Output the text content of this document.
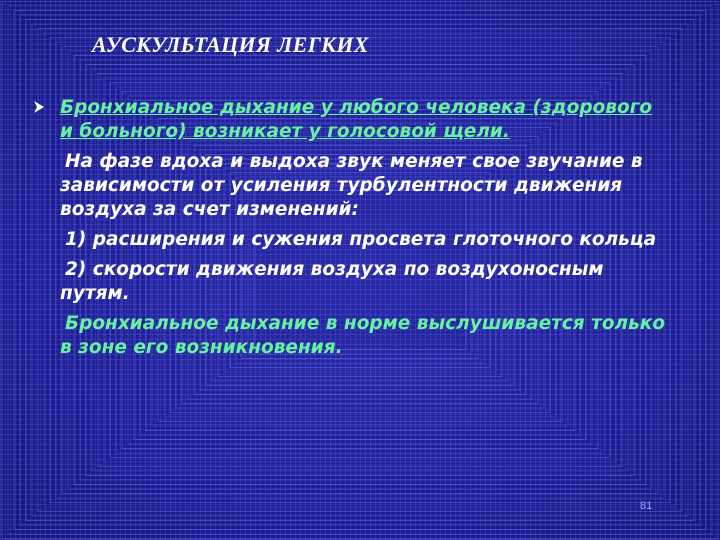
АУСКУЛЬТАЦИЯ ЛЕГКИХ
Бронхиальное дыхание у любого человека (здорового и больного) возникает у голосовой щели.
На фазе вдоха и выдоха звук меняет свое звучание в зависимости от усиления турбулентности движения воздуха за счет изменений:
1) расширения и сужения просвета глоточного кольца
2) скорости движения воздуха по воздухоносным путям.
Бронхиальное дыхание в норме выслушивается только в зоне его возникновения.
81
